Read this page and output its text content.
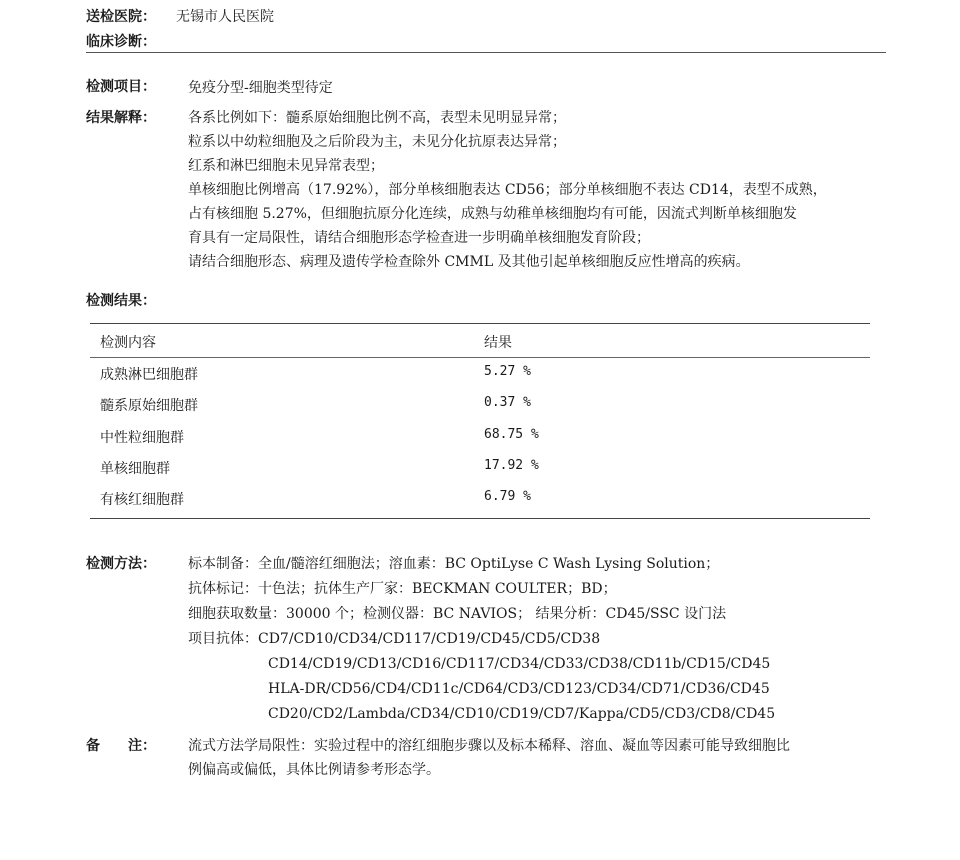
送检医院：	无锡市人民医院
临床诊断：
检测项目：	免疫分型-细胞类型待定
结果解释：	各系比例如下：髓系原始细胞比例不高，表型未见明显异常；
粒系以中幼粒细胞及之后阶段为主，未见分化抗原表达异常；
红系和淋巴细胞未见异常表型；
单核细胞比例增高（17.92%），部分单核细胞表达 CD56；部分单核细胞不表达 CD14，表型不成熟，
占有核细胞 5.27%，但细胞抗原分化连续，成熟与幼稚单核细胞均有可能，因流式判断单核细胞发
育具有一定局限性，请结合细胞形态学检查进一步明确单核细胞发育阶段；
请结合细胞形态、病理及遗传学检查除外 CMML 及其他引起单核细胞反应性增高的疾病。
检测结果：
检测内容	结果
成熟淋巴细胞群	5.27 %
髓系原始细胞群	0.37 %
中性粒细胞群	68.75 %
单核细胞群	17.92 %
有核红细胞群	6.79 %
检测方法：	标本制备：全血/髓溶红细胞法；溶血素：BC OptiLyse C Wash Lysing Solution；
抗体标记：十色法；抗体生产厂家：BECKMAN COULTER；BD；
细胞获取数量：30000 个；检测仪器：BC NAVIOS； 结果分析：CD45/SSC 设门法
项目抗体：CD7/CD10/CD34/CD117/CD19/CD45/CD5/CD38
CD14/CD19/CD13/CD16/CD117/CD34/CD33/CD38/CD11b/CD15/CD45
HLA-DR/CD56/CD4/CD11c/CD64/CD3/CD123/CD34/CD71/CD36/CD45
CD20/CD2/Lambda/CD34/CD10/CD19/CD7/Kappa/CD5/CD3/CD8/CD45
备　　注：	流式方法学局限性：实验过程中的溶红细胞步骤以及标本稀释、溶血、凝血等因素可能导致细胞比
例偏高或偏低，具体比例请参考形态学。
